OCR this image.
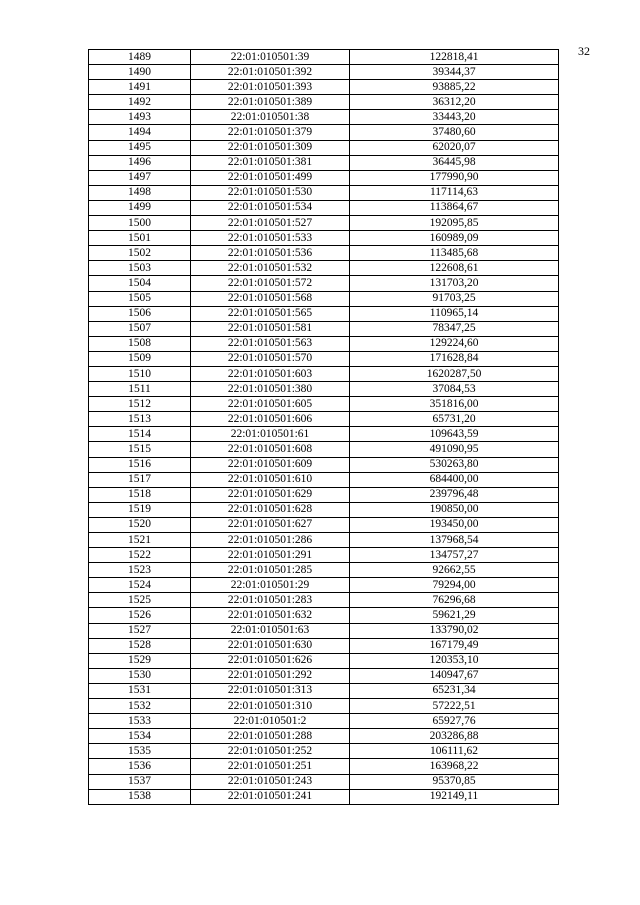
32
1489	22:01:010501:39	122818,41
1490	22:01:010501:392	39344,37
1491	22:01:010501:393	93885,22
1492	22:01:010501:389	36312,20
1493	22:01:010501:38	33443,20
1494	22:01:010501:379	37480,60
1495	22:01:010501:309	62020,07
1496	22:01:010501:381	36445,98
1497	22:01:010501:499	177990,90
1498	22:01:010501:530	117114,63
1499	22:01:010501:534	113864,67
1500	22:01:010501:527	192095,85
1501	22:01:010501:533	160989,09
1502	22:01:010501:536	113485,68
1503	22:01:010501:532	122608,61
1504	22:01:010501:572	131703,20
1505	22:01:010501:568	91703,25
1506	22:01:010501:565	110965,14
1507	22:01:010501:581	78347,25
1508	22:01:010501:563	129224,60
1509	22:01:010501:570	171628,84
1510	22:01:010501:603	1620287,50
1511	22:01:010501:380	37084,53
1512	22:01:010501:605	351816,00
1513	22:01:010501:606	65731,20
1514	22:01:010501:61	109643,59
1515	22:01:010501:608	491090,95
1516	22:01:010501:609	530263,80
1517	22:01:010501:610	684400,00
1518	22:01:010501:629	239796,48
1519	22:01:010501:628	190850,00
1520	22:01:010501:627	193450,00
1521	22:01:010501:286	137968,54
1522	22:01:010501:291	134757,27
1523	22:01:010501:285	92662,55
1524	22:01:010501:29	79294,00
1525	22:01:010501:283	76296,68
1526	22:01:010501:632	59621,29
1527	22:01:010501:63	133790,02
1528	22:01:010501:630	167179,49
1529	22:01:010501:626	120353,10
1530	22:01:010501:292	140947,67
1531	22:01:010501:313	65231,34
1532	22:01:010501:310	57222,51
1533	22:01:010501:2	65927,76
1534	22:01:010501:288	203286,88
1535	22:01:010501:252	106111,62
1536	22:01:010501:251	163968,22
1537	22:01:010501:243	95370,85
1538	22:01:010501:241	192149,11
